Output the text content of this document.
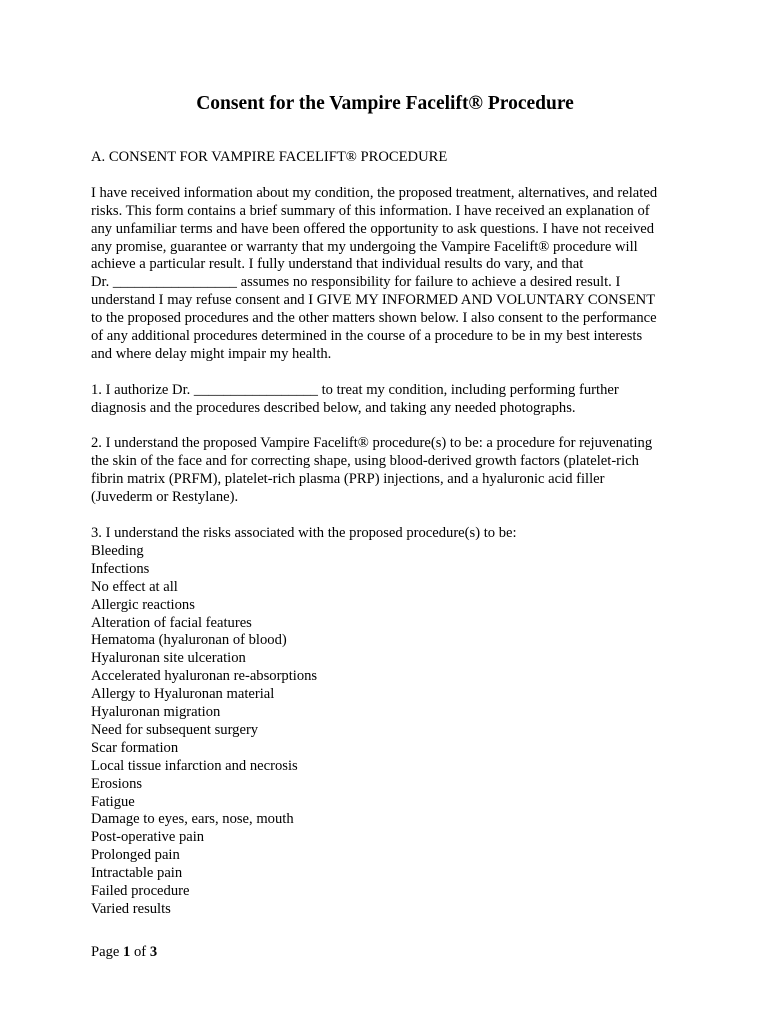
Consent for the Vampire Facelift® Procedure

A. CONSENT FOR VAMPIRE FACELIFT® PROCEDURE

I have received information about my condition, the proposed treatment, alternatives, and related

risks. This form contains a brief summary of this information. I have received an explanation of

any unfamiliar terms and have been offered the opportunity to ask questions. I have not received

any promise, guarantee or warranty that my undergoing the Vampire Facelift® procedure will

achieve a particular result. I fully understand that individual results do vary, and that

Dr. _________________ assumes no responsibility for failure to achieve a desired result. I

understand I may refuse consent and I GIVE MY INFORMED AND VOLUNTARY CONSENT

to the proposed procedures and the other matters shown below. I also consent to the performance

of any additional procedures determined in the course of a procedure to be in my best interests

and where delay might impair my health.

1. I authorize Dr. _________________ to treat my condition, including performing further

diagnosis and the procedures described below, and taking any needed photographs.

2. I understand the proposed Vampire Facelift® procedure(s) to be: a procedure for rejuvenating

the skin of the face and for correcting shape, using blood-derived growth factors (platelet-rich

fibrin matrix (PRFM), platelet-rich plasma (PRP) injections, and a hyaluronic acid filler

(Juvederm or Restylane).

3. I understand the risks associated with the proposed procedure(s) to be:

Bleeding

Infections

No effect at all

Allergic reactions

Alteration of facial features

Hematoma (hyaluronan of blood)

Hyaluronan site ulceration

Accelerated hyaluronan re-absorptions

Allergy to Hyaluronan material

Hyaluronan migration

Need for subsequent surgery

Scar formation

Local tissue infarction and necrosis

Erosions

Fatigue

Damage to eyes, ears, nose, mouth

Post-operative pain

Prolonged pain

Intractable pain

Failed procedure

Varied results

Page 1 of 3
